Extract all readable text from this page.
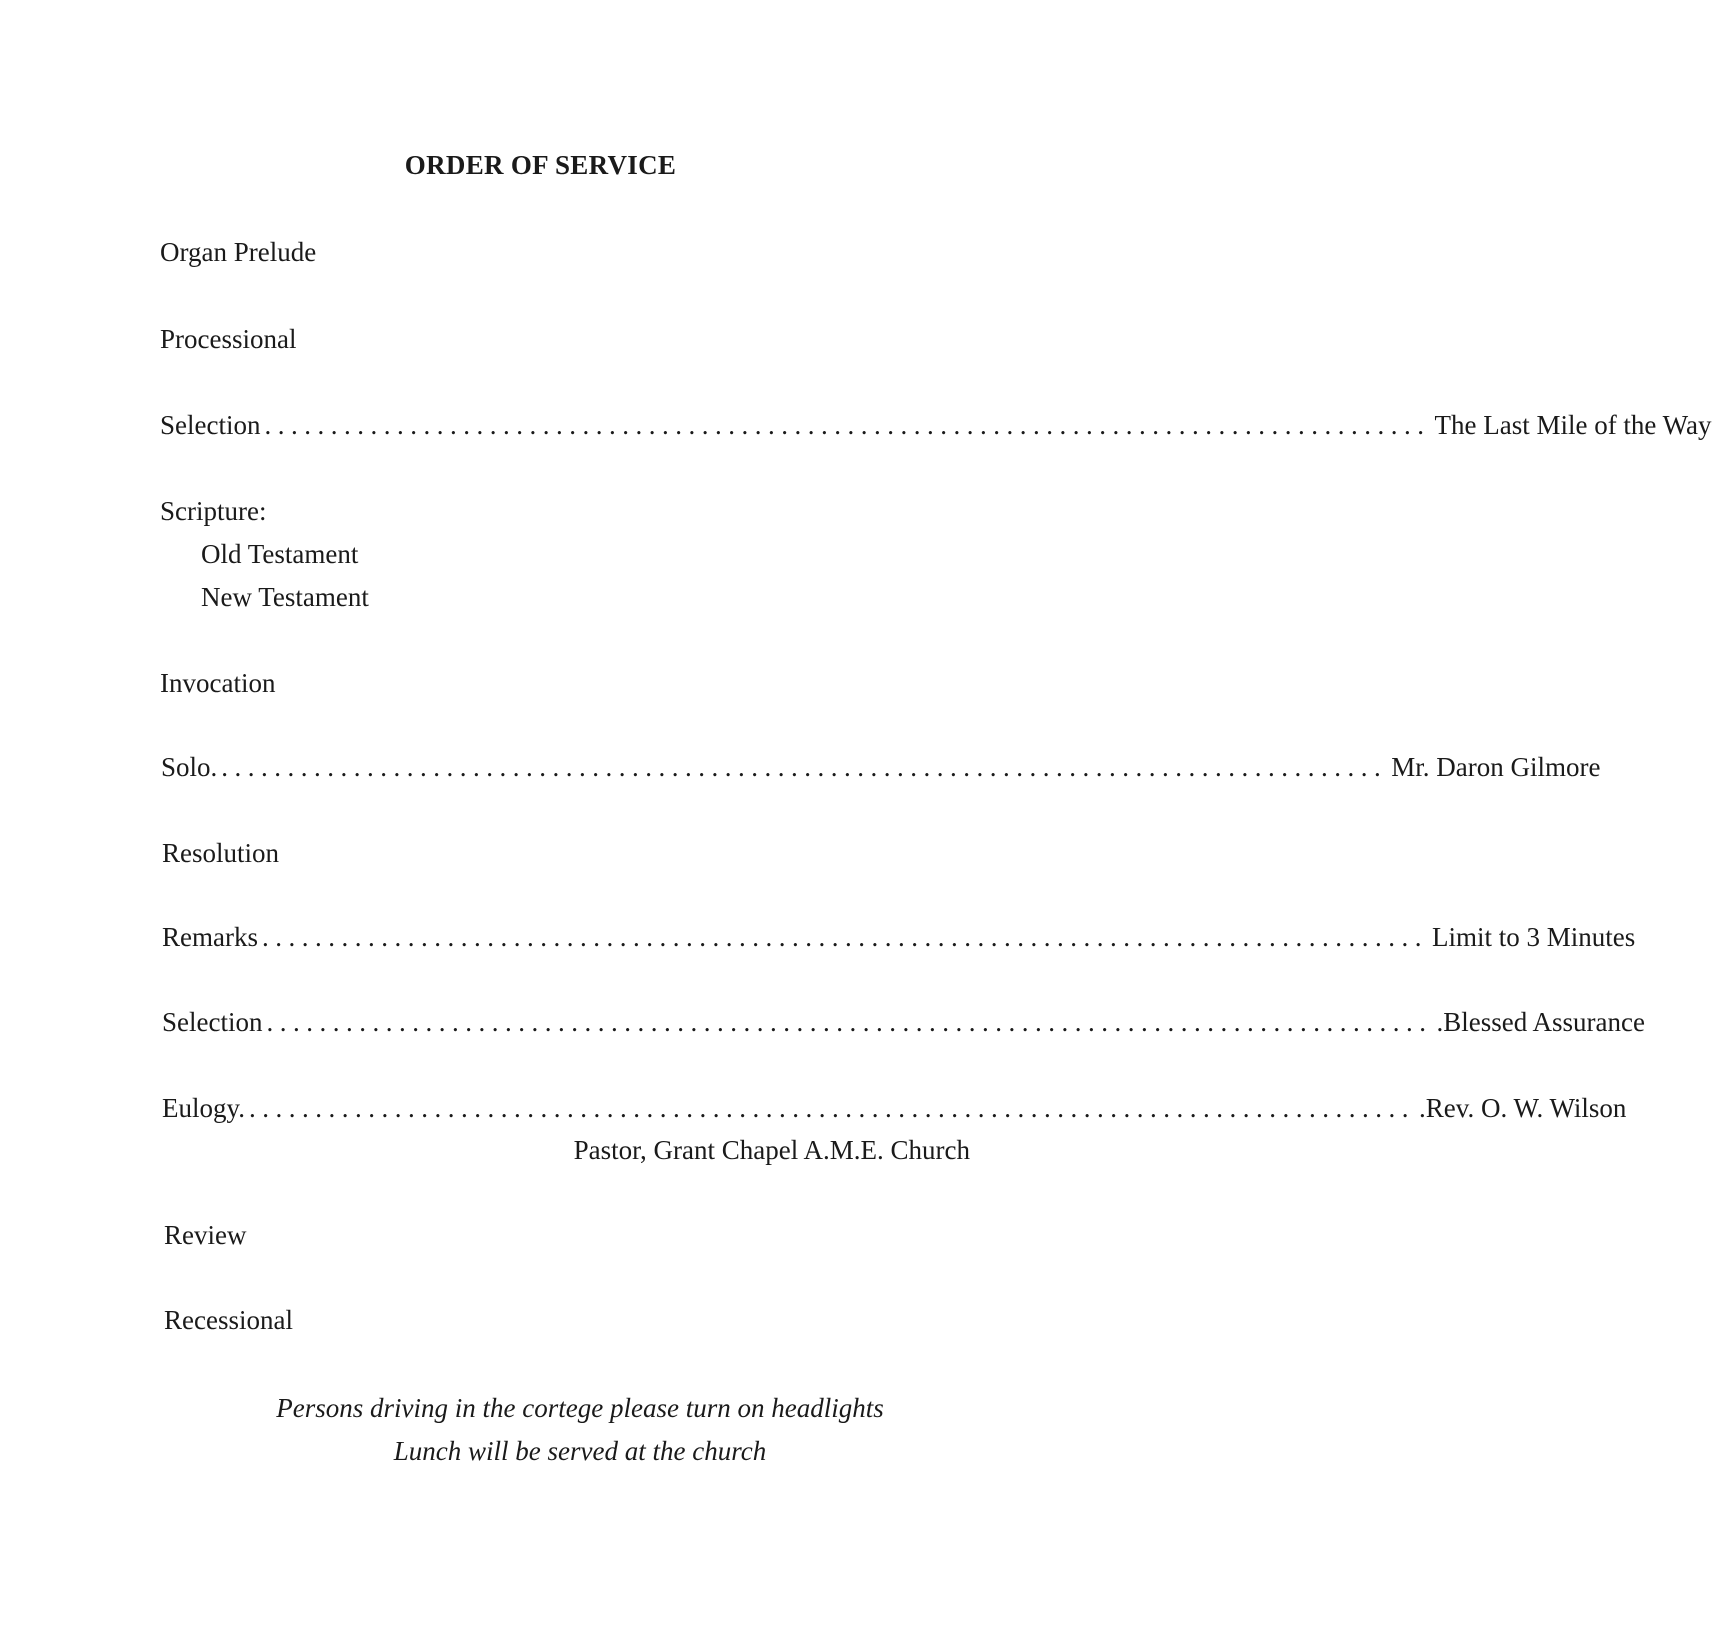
ORDER OF SERVICE
Organ Prelude
Processional
Selection ........................................................................................ The Last Mile of the Way
Scripture:
Old Testament
New Testament
Invocation
Solo. ........................................................................................ Mr. Daron Gilmore
Resolution
Remarks ........................................................................................ Limit to 3 Minutes
Selection ........................................................................................ .Blessed Assurance
Eulogy. ........................................................................................ .Rev. O. W. Wilson
Pastor, Grant Chapel A.M.E. Church
Review
Recessional
Persons driving in the cortege please turn on headlights
Lunch will be served at the church
